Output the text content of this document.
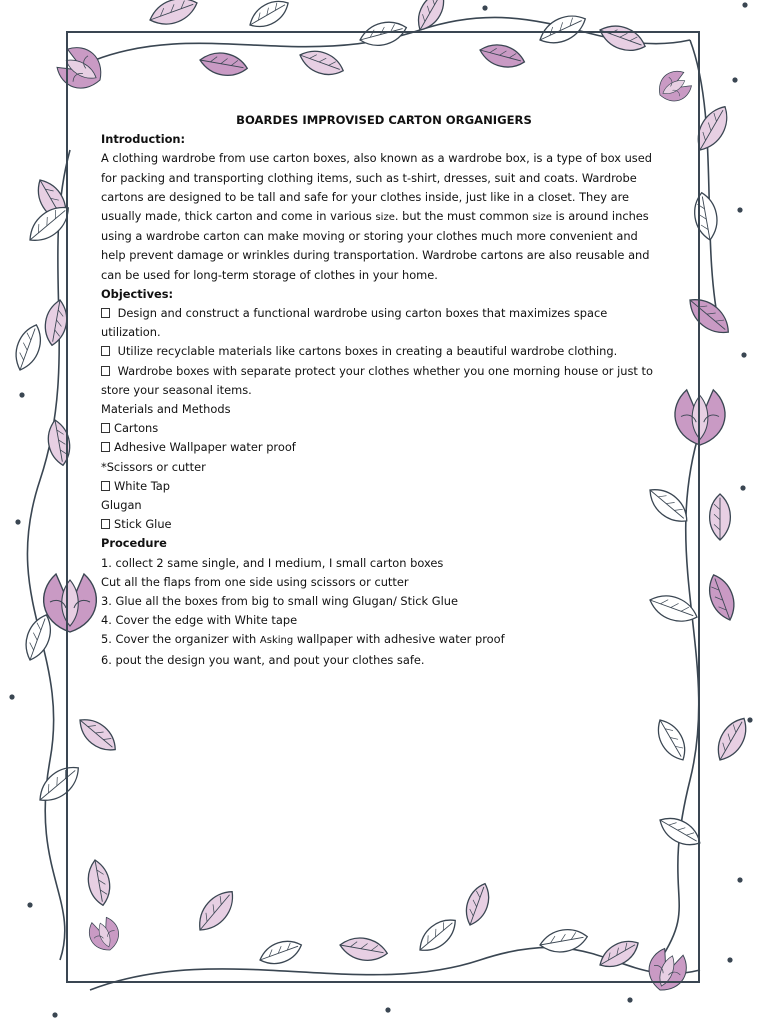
BOARDES IMPROVISED CARTON ORGANIGERS

Introduction:

A clothing wardrobe from use carton boxes, also known as a wardrobe box, is a type of box used

for packing and transporting clothing items, such as t-shirt, dresses, suit and coats. Wardrobe

cartons are designed to be tall and safe for your clothes inside, just like in a closet. They are

usually made, thick carton and come in various size. but the must common size is around inches

using a wardrobe carton can make moving or storing your clothes much more convenient and

help prevent damage or wrinkles during transportation. Wardrobe cartons are also reusable and

can be used for long-term storage of clothes in your home.

Objectives:

Design and construct a functional wardrobe using carton boxes that maximizes space

utilization.

Utilize recyclable materials like cartons boxes in creating a beautiful wardrobe clothing.

Wardrobe boxes with separate protect your clothes whether you one morning house or just to

store your seasonal items.

Materials and Methods

Cartons

Adhesive Wallpaper water proof

*Scissors or cutter

White Tap

Glugan

Stick Glue

Procedure

1. collect 2 same single, and I medium, I small carton boxes

Cut all the flaps from one side using scissors or cutter

3. Glue all the boxes from big to small wing Glugan/ Stick Glue

4. Cover the edge with White tape

5. Cover the organizer with Asking wallpaper with adhesive water proof

6. pout the design you want, and pout your clothes safe.
